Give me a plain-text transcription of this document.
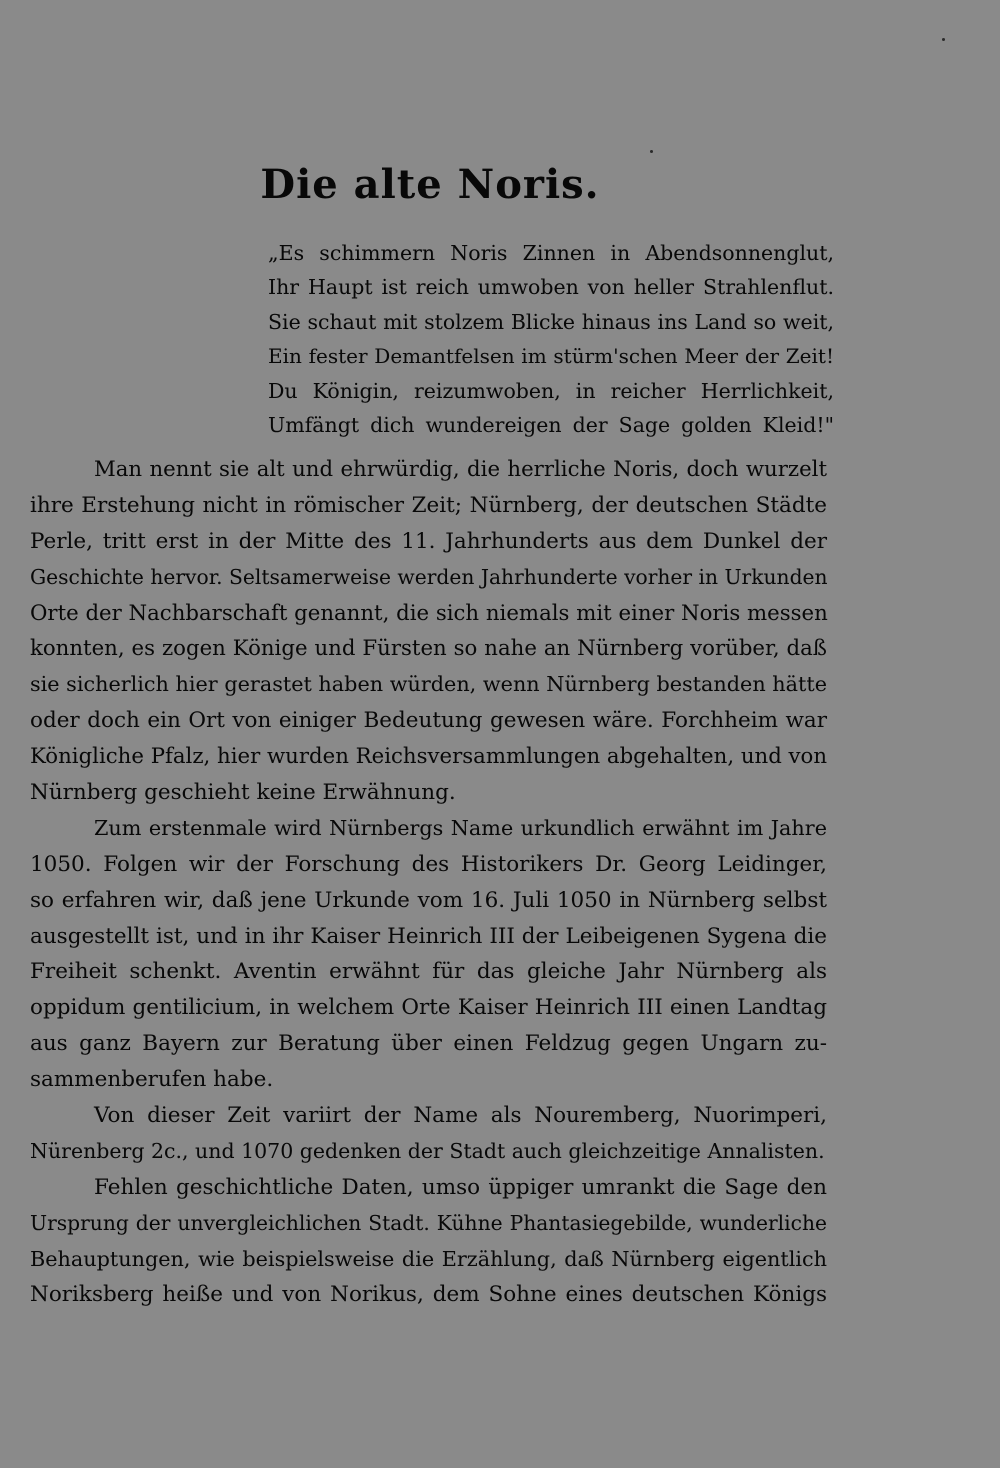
Die alte Noris.
„Es schimmern Noris Zinnen in Abendsonnenglut,
Ihr Haupt ist reich umwoben von heller Strahlenflut.
Sie schaut mit stolzem Blicke hinaus ins Land so weit,
Ein fester Demantfelsen im stürm'schen Meer der Zeit!
Du Königin, reizumwoben, in reicher Herrlichkeit,
Umfängt dich wundereigen der Sage golden Kleid!"
Man nennt sie alt und ehrwürdig, die herrliche Noris, doch wurzelt
ihre Erstehung nicht in römischer Zeit; Nürnberg, der deutschen Städte
Perle, tritt erst in der Mitte des 11. Jahrhunderts aus dem Dunkel der
Geschichte hervor. Seltsamerweise werden Jahrhunderte vorher in Urkunden
Orte der Nachbarschaft genannt, die sich niemals mit einer Noris messen
konnten, es zogen Könige und Fürsten so nahe an Nürnberg vorüber, daß
sie sicherlich hier gerastet haben würden, wenn Nürnberg bestanden hätte
oder doch ein Ort von einiger Bedeutung gewesen wäre. Forchheim war
Königliche Pfalz, hier wurden Reichsversammlungen abgehalten, und von
Nürnberg geschieht keine Erwähnung.
Zum erstenmale wird Nürnbergs Name urkundlich erwähnt im Jahre
1050. Folgen wir der Forschung des Historikers Dr. Georg Leidinger,
so erfahren wir, daß jene Urkunde vom 16. Juli 1050 in Nürnberg selbst
ausgestellt ist, und in ihr Kaiser Heinrich III der Leibeigenen Sygena die
Freiheit schenkt. Aventin erwähnt für das gleiche Jahr Nürnberg als
oppidum gentilicium, in welchem Orte Kaiser Heinrich III einen Landtag
aus ganz Bayern zur Beratung über einen Feldzug gegen Ungarn zu-
sammenberufen habe.
Von dieser Zeit variirt der Name als Nouremberg, Nuorimperi,
Nürenberg 2c., und 1070 gedenken der Stadt auch gleichzeitige Annalisten.
Fehlen geschichtliche Daten, umso üppiger umrankt die Sage den
Ursprung der unvergleichlichen Stadt. Kühne Phantasiegebilde, wunderliche
Behauptungen, wie beispielsweise die Erzählung, daß Nürnberg eigentlich
Noriksberg heiße und von Norikus, dem Sohne eines deutschen Königs
